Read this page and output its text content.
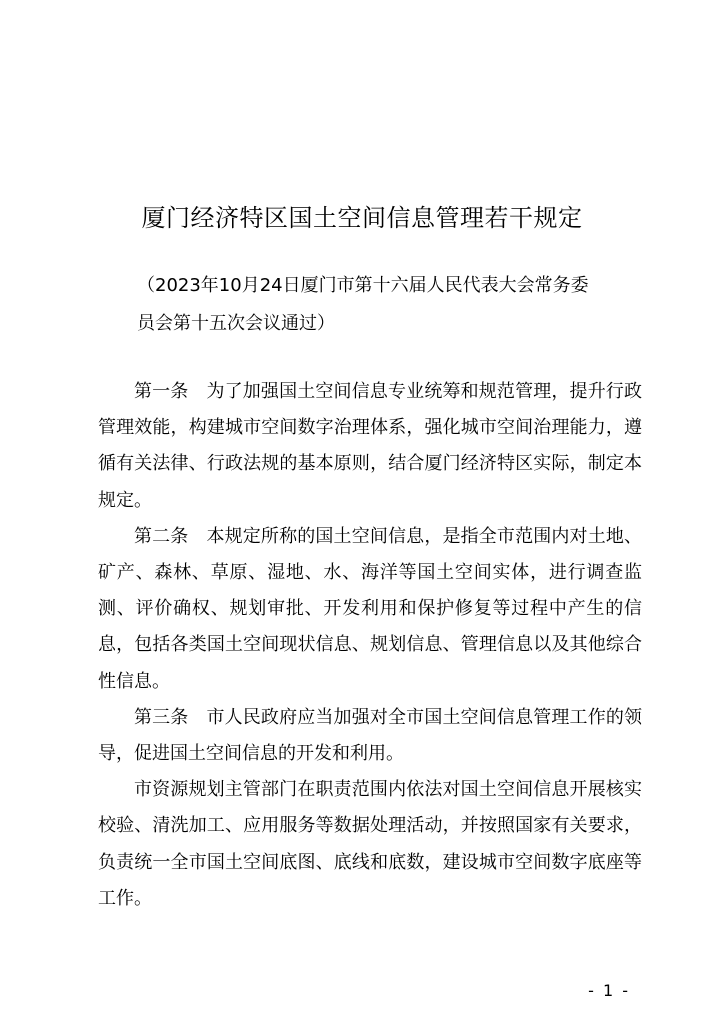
厦门经济特区国土空间信息管理若干规定
（2023年10月24日厦门市第十六届人民代表大会常务委
员会第十五次会议通过）

第一条 为了加强国土空间信息专业统筹和规范管理，提升行政管理效能，构建城市空间数字治理体系，强化城市空间治理能力，遵循有关法律、行政法规的基本原则，结合厦门经济特区实际，制定本规定。

第二条 本规定所称的国土空间信息，是指全市范围内对土地、矿产、森林、草原、湿地、水、海洋等国土空间实体，进行调查监测、评价确权、规划审批、开发利用和保护修复等过程中产生的信息，包括各类国土空间现状信息、规划信息、管理信息以及其他综合性信息。

第三条 市人民政府应当加强对全市国土空间信息管理工作的领导，促进国土空间信息的开发和利用。

市资源规划主管部门在职责范围内依法对国土空间信息开展核实校验、清洗加工、应用服务等数据处理活动，并按照国家有关要求，负责统一全市国土空间底图、底线和底数，建设城市空间数字底座等工作。

- 1 -
